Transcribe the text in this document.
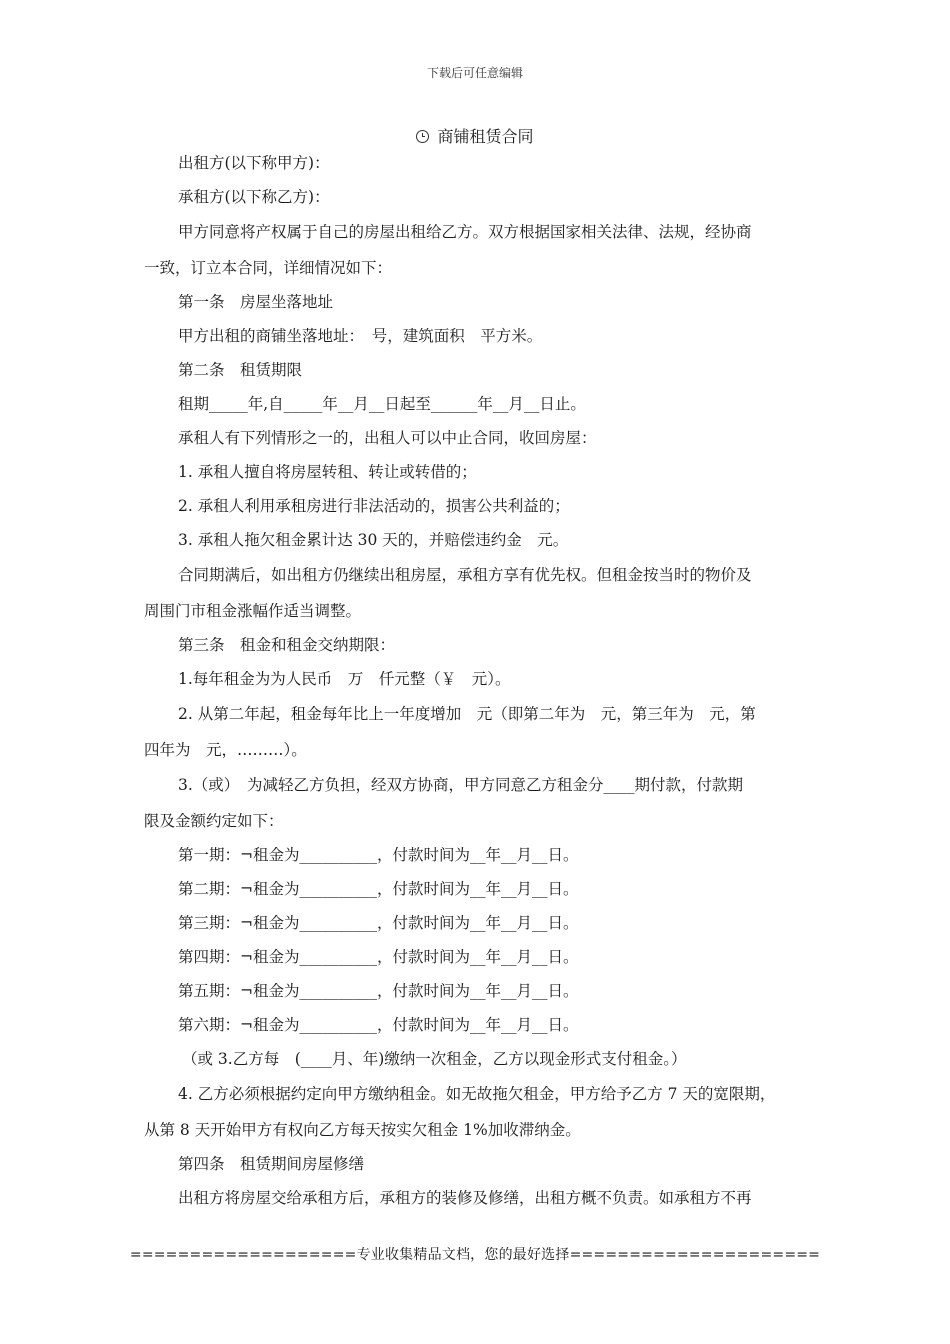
下载后可任意编辑
商铺租赁合同

出租方(以下称甲方)：

承租方(以下称乙方)：

甲方同意将产权属于自己的房屋出租给乙方。双方根据国家相关法律、法规，经协商

一致，订立本合同，详细情况如下：

第一条　房屋坐落地址

甲方出租的商铺坐落地址：　号，建筑面积　平方米。

第二条　租赁期限

租期_____年,自_____年__月__日起至______年__月__日止。

承租人有下列情形之一的，出租人可以中止合同，收回房屋：

1. 承租人擅自将房屋转租、转让或转借的；

2. 承租人利用承租房进行非法活动的，损害公共利益的；

3. 承租人拖欠租金累计达 30 天的，并赔偿违约金　元。

合同期满后，如出租方仍继续出租房屋，承租方享有优先权。但租金按当时的物价及

周围门市租金涨幅作适当调整。

第三条　租金和租金交纳期限：

1.每年租金为为人民币　万　仟元整（￥　元）。

2. 从第二年起，租金每年比上一年度增加　元（即第二年为　元，第三年为　元，第

四年为　元，………）。

3.（或）　为减轻乙方负担，经双方协商，甲方同意乙方租金分____期付款，付款期

限及金额约定如下：

第一期：¬租金为__________，付款时间为__年__月__日。

第二期：¬租金为__________，付款时间为__年__月__日。

第三期：¬租金为__________，付款时间为__年__月__日。

第四期：¬租金为__________，付款时间为__年__月__日。

第五期：¬租金为__________，付款时间为__年__月__日。

第六期：¬租金为__________，付款时间为__年__月__日。

（或 3.乙方每　(____月、年)缴纳一次租金，乙方以现金形式支付租金。）

4. 乙方必须根据约定向甲方缴纳租金。如无故拖欠租金，甲方给予乙方 7 天的宽限期，

从第 8 天开始甲方有权向乙方每天按实欠租金 1%加收滞纳金。

第四条　租赁期间房屋修缮

出租方将房屋交给承租方后，承租方的装修及修缮，出租方概不负责。如承租方不再

===================专业收集精品文档，您的最好选择=====================
